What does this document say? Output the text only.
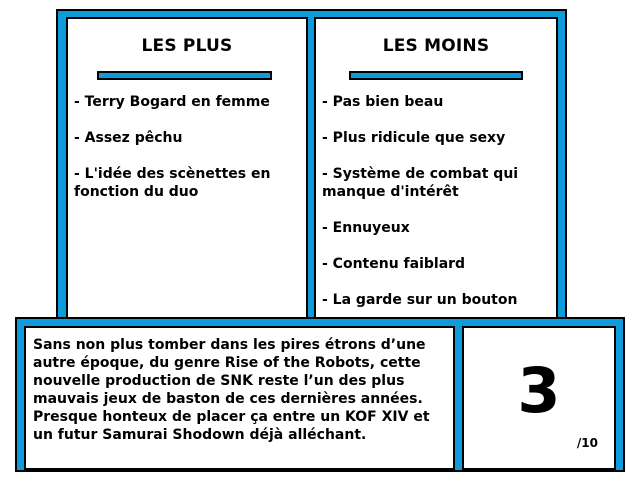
LES PLUS
- Terry Bogard en femme
- Assez pêchu
- L'idée des scènettes en fonction du duo
LES MOINS
- Pas bien beau
- Plus ridicule que sexy
- Système de combat qui manque d'intérêt
- Ennuyeux
- Contenu faiblard
- La garde sur un bouton
Sans non plus tomber dans les pires étrons d’une autre époque, du genre Rise of the Robots, cette nouvelle production de SNK reste l’un des plus mauvais jeux de baston de ces dernières années. Presque honteux de placer ça entre un KOF XIV et un futur Samurai Shodown déjà alléchant.
3
/10
